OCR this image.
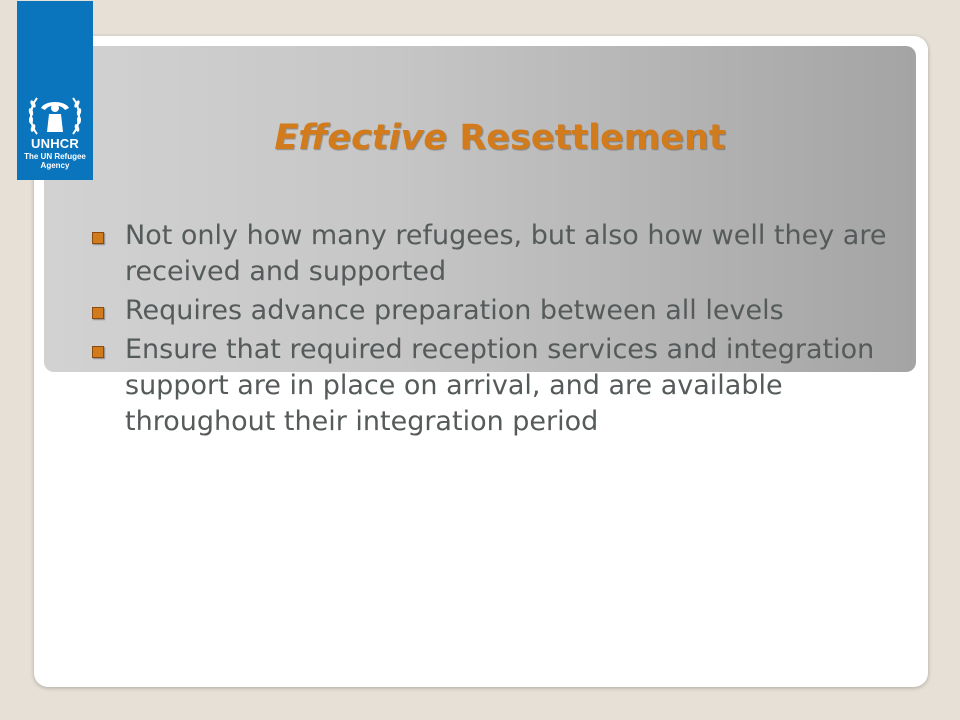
UNHCR
The UN Refugee Agency
Effective Resettlement
Not only how many refugees, but also how well they are received and supported
Requires advance preparation between all levels
Ensure that required reception services and integration support are in place on arrival, and are available throughout their integration period
